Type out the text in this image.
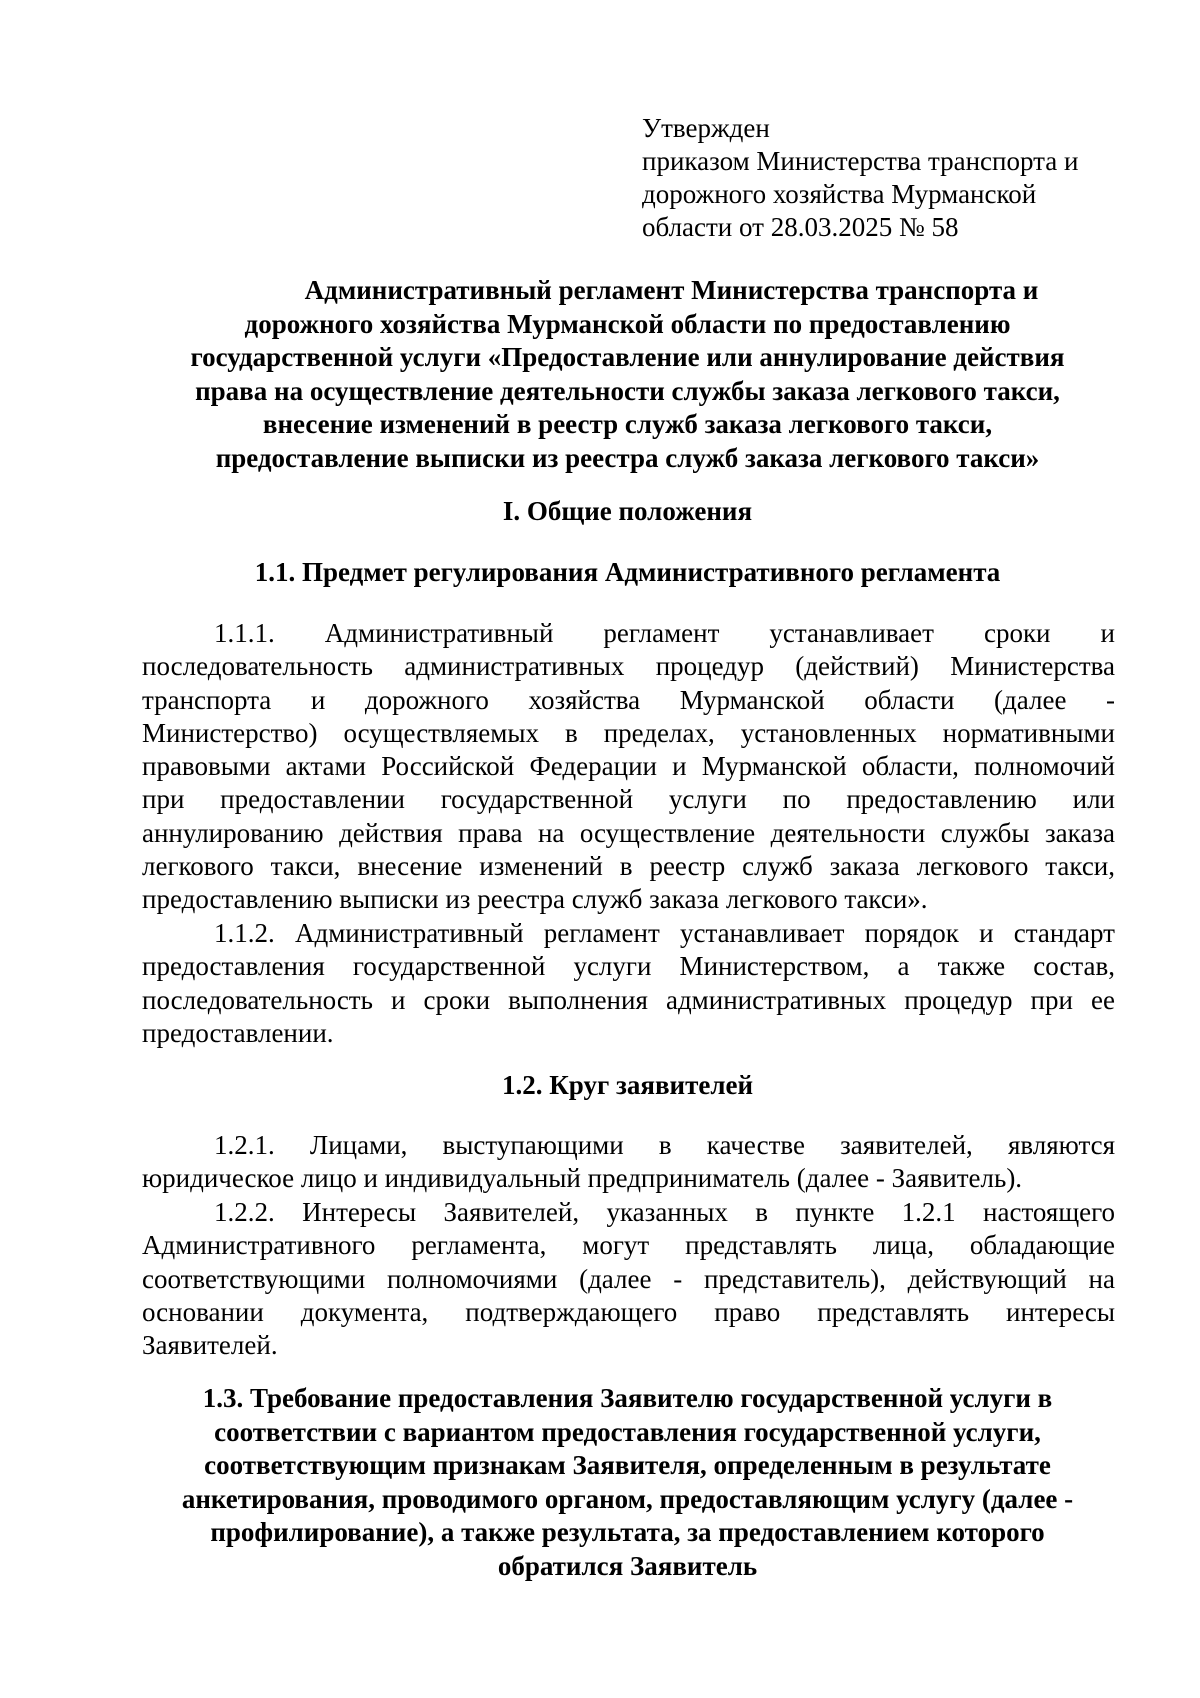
Утвержден
приказом Министерства транспорта и
дорожного хозяйства Мурманской
области от 28.03.2025 № 58
Административный регламент Министерства транспорта и
дорожного хозяйства Мурманской области по предоставлению
государственной услуги «Предоставление или аннулирование действия
права на осуществление деятельности службы заказа легкового такси,
внесение изменений в реестр служб заказа легкового такси,
предоставление выписки из реестра служб заказа легкового такси»
I. Общие положения
1.1. Предмет регулирования Административного регламента
1.1.1. Административный регламент устанавливает сроки и
последовательность административных процедур (действий) Министерства
транспорта и дорожного хозяйства Мурманской области (далее -
Министерство) осуществляемых в пределах, установленных нормативными
правовыми актами Российской Федерации и Мурманской области, полномочий
при предоставлении государственной услуги по предоставлению или
аннулированию действия права на осуществление деятельности службы заказа
легкового такси, внесение изменений в реестр служб заказа легкового такси,
предоставлению выписки из реестра служб заказа легкового такси».
1.1.2. Административный регламент устанавливает порядок и стандарт
предоставления государственной услуги Министерством, а также состав,
последовательность и сроки выполнения административных процедур при ее
предоставлении.
1.2. Круг заявителей
1.2.1. Лицами, выступающими в качестве заявителей, являются
юридическое лицо и индивидуальный предприниматель (далее - Заявитель).
1.2.2. Интересы Заявителей, указанных в пункте 1.2.1 настоящего
Административного регламента, могут представлять лица, обладающие
соответствующими полномочиями (далее - представитель), действующий на
основании документа, подтверждающего право представлять интересы
Заявителей.
1.3. Требование предоставления Заявителю государственной услуги в
соответствии с вариантом предоставления государственной услуги,
соответствующим признакам Заявителя, определенным в результате
анкетирования, проводимого органом, предоставляющим услугу (далее -
профилирование), а также результата, за предоставлением которого
обратился Заявитель
